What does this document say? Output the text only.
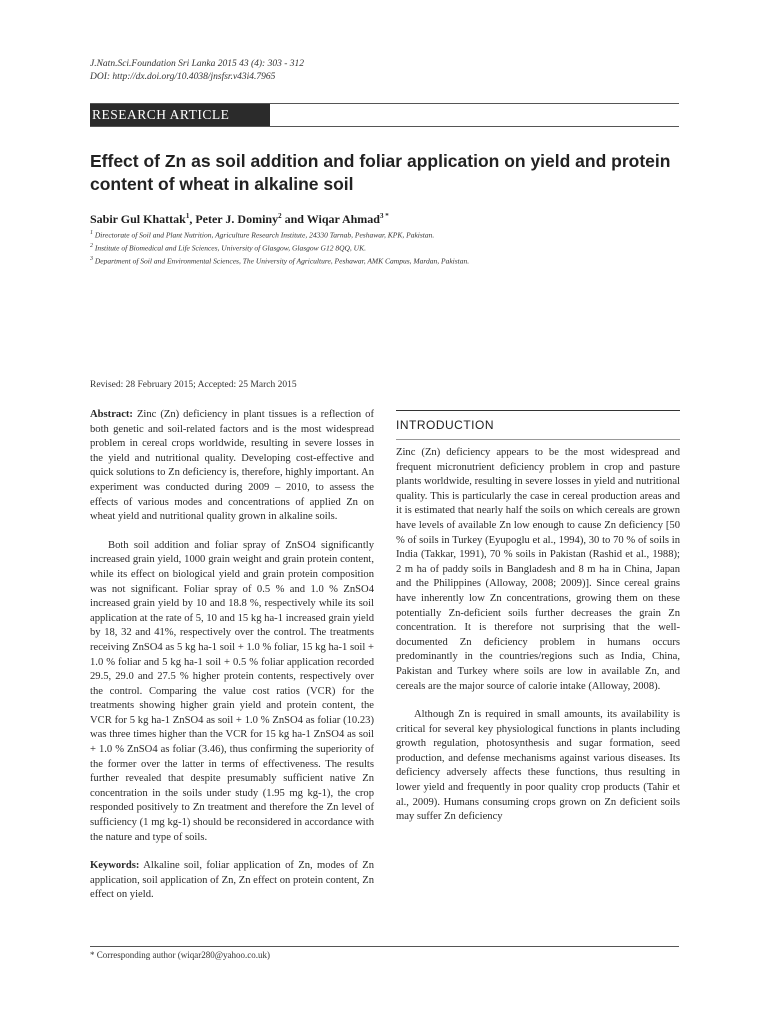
J.Natn.Sci.Foundation Sri Lanka 2015 43 (4): 303 - 312
DOI: http://dx.doi.org/10.4038/jnsfsr.v43i4.7965
RESEARCH ARTICLE
Effect of Zn as soil addition and foliar application on yield and protein content of wheat in alkaline soil
Sabir Gul Khattak$^1$, Peter J. Dominy$^2$ and Wiqar Ahmad$^{3 *}$
$^1$ Directorate of Soil and Plant Nutrition, Agriculture Research Institute, 24330 Tarnab, Peshawar, KPK, Pakistan.
$^2$ Institute of Biomedical and Life Sciences, University of Glasgow, Glasgow G12 8QQ, UK.
$^3$ Department of Soil and Environmental Sciences, The University of Agriculture, Peshawar, AMK Campus, Mardan, Pakistan.
Revised: 28 February 2015; Accepted: 25 March 2015

Abstract: Zinc (Zn) deficiency in plant tissues is a reflection of both genetic and soil-related factors and is the most widespread problem in cereal crops worldwide, resulting in severe losses in the yield and nutritional quality. Developing cost-effective and quick solutions to Zn deficiency is, therefore, highly important. An experiment was conducted during 2009 – 2010, to assess the effects of various modes and concentrations of applied Zn on wheat yield and nutritional quality grown in alkaline soils.

Both soil addition and foliar spray of ZnSO4 significantly increased grain yield, 1000 grain weight and grain protein content, while its effect on biological yield and grain protein composition was not significant. Foliar spray of 0.5 % and 1.0 % ZnSO4 increased grain yield by 10 and 18.8 %, respectively while its soil application at the rate of 5, 10 and 15 kg ha-1 increased grain yield by 18, 32 and 41%, respectively over the control. The treatments receiving ZnSO4 as 5 kg ha-1 soil + 1.0 % foliar, 15 kg ha-1 soil + 1.0 % foliar and 5 kg ha-1 soil + 0.5 % foliar application recorded 29.5, 29.0 and 27.5 % higher protein contents, respectively over the control. Comparing the value cost ratios (VCR) for the treatments showing higher grain yield and protein content, the VCR for 5 kg ha-1 ZnSO4 as soil + 1.0 % ZnSO4 as foliar (10.23) was three times higher than the VCR for 15 kg ha-1 ZnSO4 as soil + 1.0 % ZnSO4 as foliar (3.46), thus confirming the superiority of the former over the latter in terms of effectiveness. The results further revealed that despite presumably sufficient native Zn concentration in the soils under study (1.95 mg kg-1), the crop responded positively to Zn treatment and therefore the Zn level of sufficiency (1 mg kg-1) should be reconsidered in accordance with the nature and type of soils.

Keywords: Alkaline soil, foliar application of Zn, modes of Zn application, soil application of Zn, Zn effect on protein content, Zn effect on yield.

INTRODUCTION

Zinc (Zn) deficiency appears to be the most widespread and frequent micronutrient deficiency problem in crop and pasture plants worldwide, resulting in severe losses in yield and nutritional quality. This is particularly the case in cereal production areas and it is estimated that nearly half the soils on which cereals are grown have levels of available Zn low enough to cause Zn deficiency [50 % of soils in Turkey (Eyupoglu et al., 1994), 30 to 70 % of soils in India (Takkar, 1991), 70 % soils in Pakistan (Rashid et al., 1988); 2 m ha of paddy soils in Bangladesh and 8 m ha in China, Japan and the Philippines (Alloway, 2008; 2009)]. Since cereal grains have inherently low Zn concentrations, growing them on these potentially Zn-deficient soils further decreases the grain Zn concentration. It is therefore not surprising that the well-documented Zn deficiency problem in humans occurs predominantly in the countries/regions such as India, China, Pakistan and Turkey where soils are low in available Zn, and cereals are the major source of calorie intake (Alloway, 2008).

Although Zn is required in small amounts, its availability is critical for several key physiological functions in plants including growth regulation, photosynthesis and sugar formation, seed production, and defense mechanisms against various diseases. Its deficiency adversely affects these functions, thus resulting in lower yield and frequently in poor quality crop products (Tahir et al., 2009). Humans consuming crops grown on Zn deficient soils may suffer Zn deficiency

* Corresponding author (wiqar280@yahoo.co.uk)
